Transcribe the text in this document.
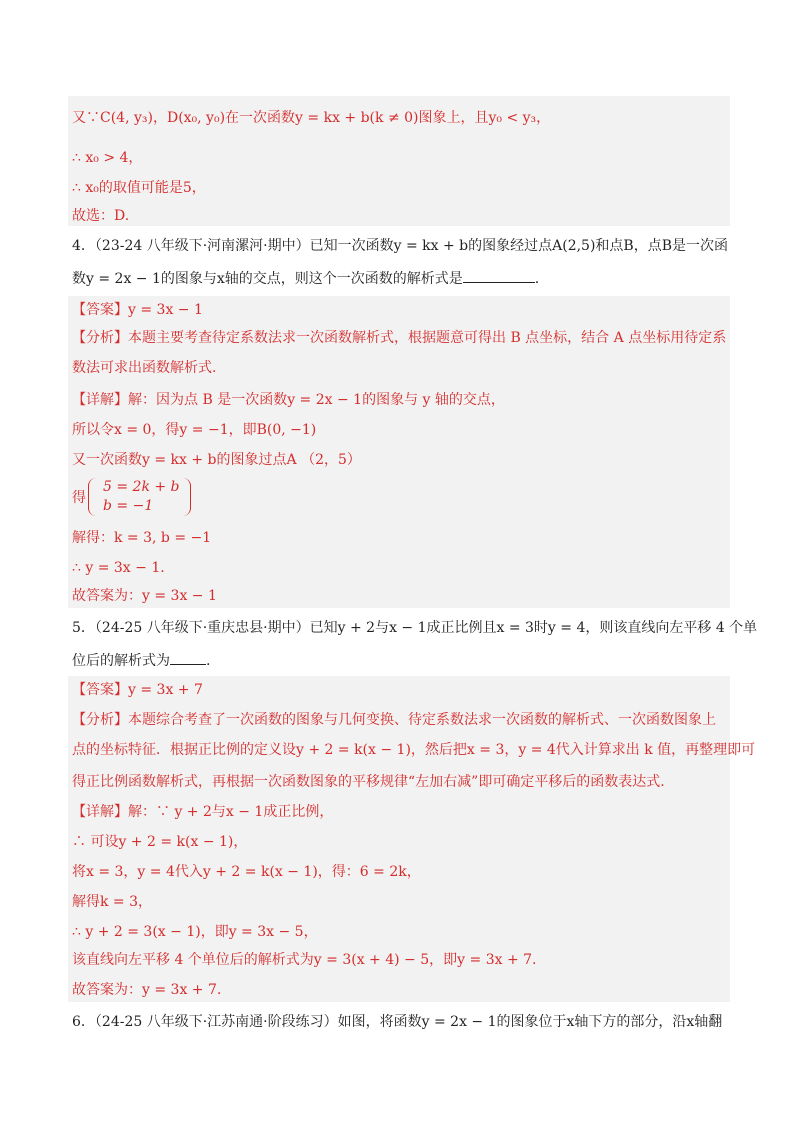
又∵C(4, y₃)，D(x₀, y₀)在一次函数y = kx + b(k ≠ 0)图象上，且y₀ < y₃，
∴ x₀ > 4，
∴ x₀的取值可能是5，
故选：D.
4．（23-24 八年级下·河南漯河·期中）已知一次函数y = kx + b的图象经过点A(2,5)和点B，点B是一次函
数y = 2x − 1的图象与x轴的交点，则这个一次函数的解析式是	.
【答案】y = 3x − 1
【分析】本题主要考查待定系数法求一次函数解析式，根据题意可得出 B 点坐标，结合 A 点坐标用待定系
数法可求出函数解析式.
【详解】解：因为点 B 是一次函数y = 2x − 1的图象与 y 轴的交点，
所以令x = 0，得y = −1，即B(0, −1)
又一次函数y = kx + b的图象过点A （2，5）
得
5 = 2k + b
b = −1
解得：k = 3, b = −1
∴ y = 3x − 1.
故答案为：y = 3x − 1
5．（24-25 八年级下·重庆忠县·期中）已知y + 2与x − 1成正比例且x = 3时y = 4，则该直线向左平移 4 个单
位后的解析式为	.
【答案】y = 3x + 7
【分析】本题综合考查了一次函数的图象与几何变换、待定系数法求一次函数的解析式、一次函数图象上
点的坐标特征．根据正比例的定义设y + 2 = k(x − 1)，然后把x = 3，y = 4代入计算求出 k 值，再整理即可
得正比例函数解析式，再根据一次函数图象的平移规律“左加右减”即可确定平移后的函数表达式.
【详解】解：∵ y + 2与x − 1成正比例，
∴ 可设y + 2 = k(x − 1)，
将x = 3，y = 4代入y + 2 = k(x − 1)，得：6 = 2k，
解得k = 3，
∴ y + 2 = 3(x − 1)，即y = 3x − 5，
该直线向左平移 4 个单位后的解析式为y = 3(x + 4) − 5，即y = 3x + 7.
故答案为：y = 3x + 7.
6．（24-25 八年级下·江苏南通·阶段练习）如图，将函数y = 2x − 1的图象位于x轴下方的部分，沿x轴翻
